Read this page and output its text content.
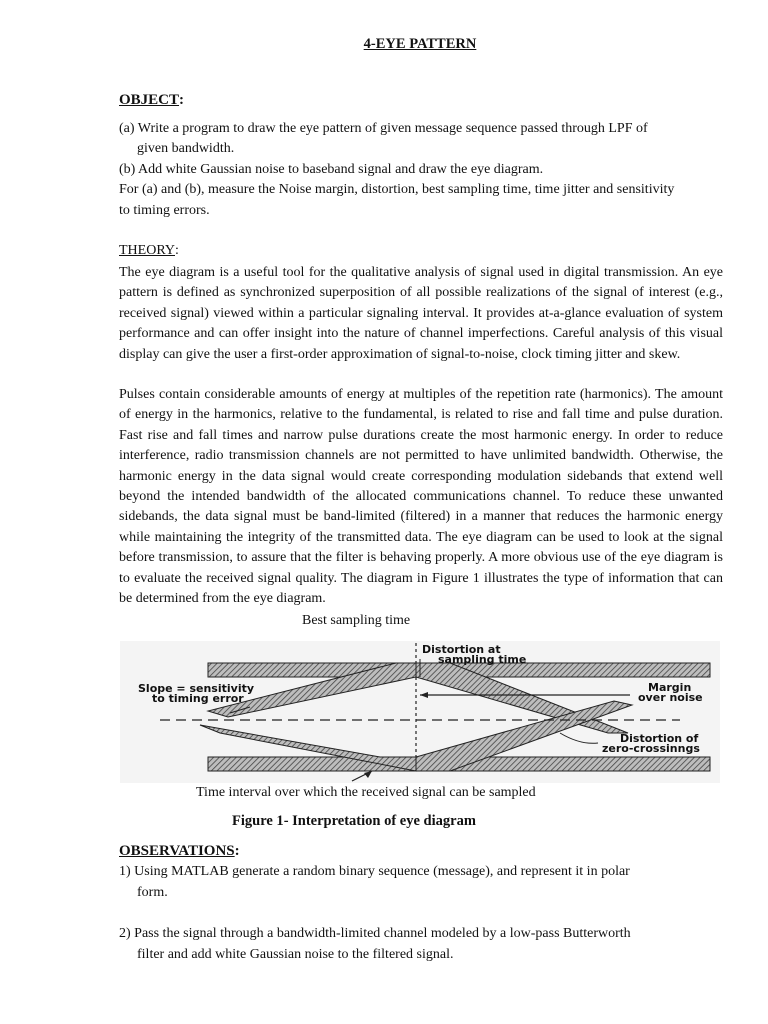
4-EYE PATTERN
OBJECT:
(a) Write a program to draw the eye pattern of given message sequence passed through LPF of
given bandwidth.
(b) Add white Gaussian noise to baseband signal and draw the eye diagram.
For (a) and (b), measure the Noise margin, distortion, best sampling time, time jitter and sensitivity
to timing errors.
THEORY:
The eye diagram is a useful tool for the qualitative analysis of signal used in digital transmission. An eye pattern is defined as synchronized superposition of all possible realizations of the signal of interest (e.g., received signal) viewed within a particular signaling interval. It provides at-a-glance evaluation of system performance and can offer insight into the nature of channel imperfections. Careful analysis of this visual display can give the user a first-order approximation of signal-to-noise, clock timing jitter and skew.
Pulses contain considerable amounts of energy at multiples of the repetition rate (harmonics). The amount of energy in the harmonics, relative to the fundamental, is related to rise and fall time and pulse duration. Fast rise and fall times and narrow pulse durations create the most harmonic energy. In order to reduce interference, radio transmission channels are not permitted to have unlimited bandwidth. Otherwise, the harmonic energy in the data signal would create corresponding modulation sidebands that extend well beyond the intended bandwidth of the allocated communications channel. To reduce these unwanted sidebands, the data signal must be band-limited (filtered) in a manner that reduces the harmonic energy while maintaining the integrity of the transmitted data. The eye diagram can be used to look at the signal before transmission, to assure that the filter is behaving properly. A more obvious use of the eye diagram is to evaluate the received signal quality. The diagram in Figure 1 illustrates the type of information that can be determined from the eye diagram.
Best sampling time
Distortion at
sampling time
Slope = sensitivity
to timing error
Margin
over noise
Distortion of
zero-crossinngs
Time interval over which the received signal can be sampled
Figure 1- Interpretation of eye diagram
OBSERVATIONS:
1) Using MATLAB generate a random binary sequence (message), and represent it in polar
form.
2) Pass the signal through a bandwidth-limited channel modeled by a low-pass Butterworth
filter and add white Gaussian noise to the filtered signal.
